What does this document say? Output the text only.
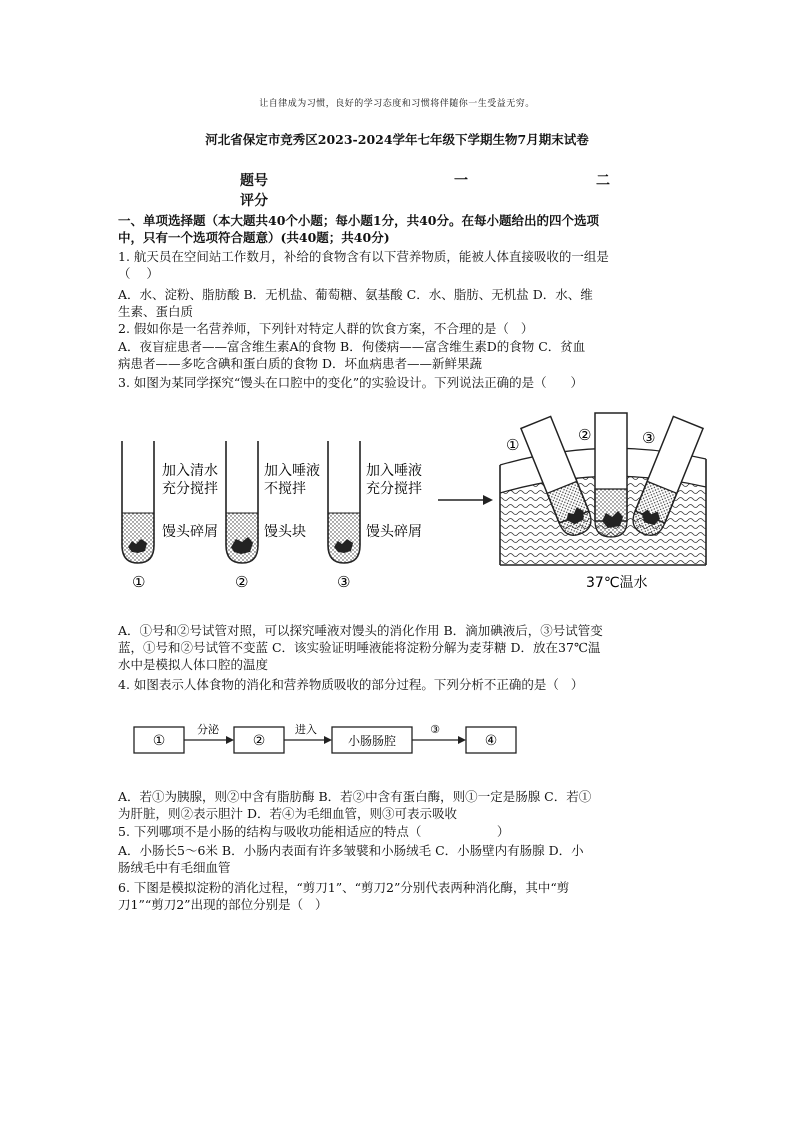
让自律成为习惯，良好的学习态度和习惯将伴随你一生受益无穷。
河北省保定市竞秀区2023-2024学年七年级下学期生物7月期末试卷
题号	一	二
评分
一、单项选择题（本大题共40个小题；每小题1分，共40分。在每小题给出的四个选项
中，只有一个选项符合题意）(共40题；共40分)
1. 航天员在空间站工作数月，补给的食物含有以下营养物质，能被人体直接吸收的一组是
（    ）
A．水、淀粉、脂肪酸 B．无机盐、葡萄糖、氨基酸 C．水、脂肪、无机盐 D．水、维
生素、蛋白质
2. 假如你是一名营养师，下列针对特定人群的饮食方案，不合理的是（   ）
A．夜盲症患者——富含维生素A的食物 B．佝偻病——富含维生素D的食物 C．贫血
病患者——多吃含碘和蛋白质的食物 D．坏血病患者——新鲜果蔬
3. 如图为某同学探究“馒头在口腔中的变化”的实验设计。下列说法正确的是（      ）
加入清水
充分搅拌
馒头碎屑
①
加入唾液
不搅拌
馒头块
②
加入唾液
充分搅拌
馒头碎屑
③
①
②	③
37℃温水
A．①号和②号试管对照，可以探究唾液对馒头的消化作用 B．滴加碘液后，③号试管变
蓝，①号和②号试管不变蓝 C．该实验证明唾液能将淀粉分解为麦芽糖 D．放在37℃温
水中是模拟人体口腔的温度
4. 如图表示人体食物的消化和营养物质吸收的部分过程。下列分析不正确的是（   ）
①
分泌
②
进入
小肠肠腔
③
④
A．若①为胰腺，则②中含有脂肪酶 B．若②中含有蛋白酶，则①一定是肠腺 C．若①
为肝脏，则②表示胆汁 D．若④为毛细血管，则③可表示吸收
5. 下列哪项不是小肠的结构与吸收功能相适应的特点（                   ）
A．小肠长5～6米 B．小肠内表面有许多皱襞和小肠绒毛 C．小肠壁内有肠腺 D．小
肠绒毛中有毛细血管
6. 下图是模拟淀粉的消化过程，“剪刀1”、“剪刀2”分别代表两种消化酶，其中“剪
刀1”“剪刀2”出现的部位分别是（   ）
